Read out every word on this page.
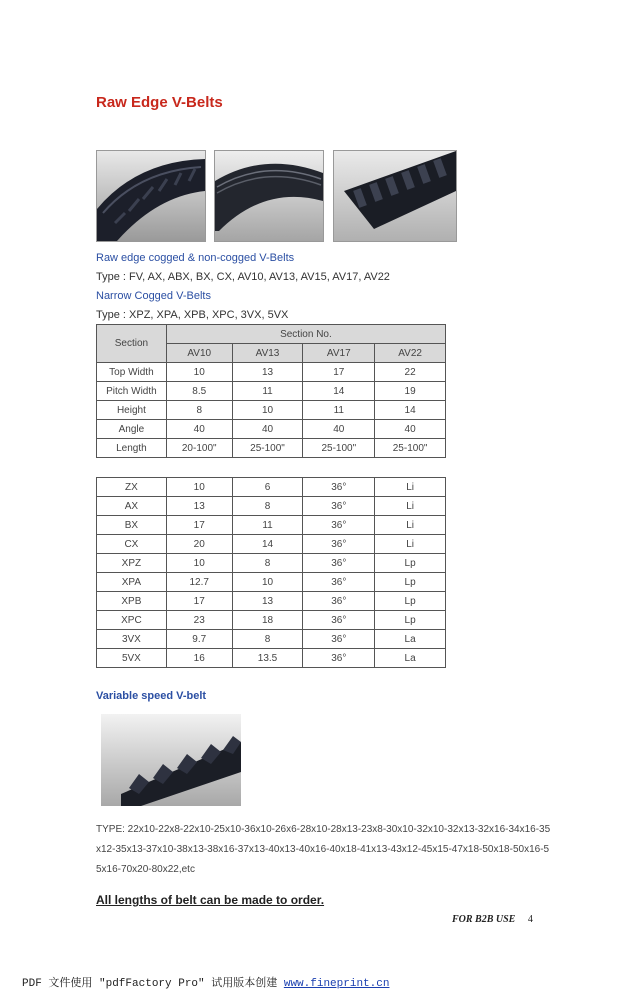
Raw Edge V-Belts
Raw edge cogged & non-cogged V-Belts
Type : FV, AX, ABX, BX, CX, AV10, AV13, AV15, AV17, AV22
Narrow Cogged V-Belts
Type : XPZ, XPA, XPB, XPC, 3VX, 5VX
Section	Section No.			
	AV10	AV13	AV17	AV22
Top Width	10	13	17	22
Pitch Width	8.5	11	14	19
Height	8	10	11	14
Angle	40	40	40	40
Length	20-100"	25-100"	25-100"	25-100"
ZX	10	6	36°	Li
AX	13	8	36°	Li
BX	17	11	36°	Li
CX	20	14	36°	Li
XPZ	10	8	36°	Lp
XPA	12.7	10	36°	Lp
XPB	17	13	36°	Lp
XPC	23	18	36°	Lp
3VX	9.7	8	36°	La
5VX	16	13.5	36°	La
Variable speed V-belt
TYPE: 22x10-22x8-22x10-25x10-36x10-26x6-28x10-28x13-23x8-30x10-32x10-32x13-32x16-34x16-35x12-35x13-37x10-38x13-38x16-37x13-40x13-40x16-40x18-41x13-43x12-45x15-47x18-50x18-50x16-55x16-70x20-80x22,etc
All lengths of belt can be made to order.
FOR B2B USE 4
PDF 文件使用 "pdfFactory Pro" 试用版本创建 www.fineprint.cn
